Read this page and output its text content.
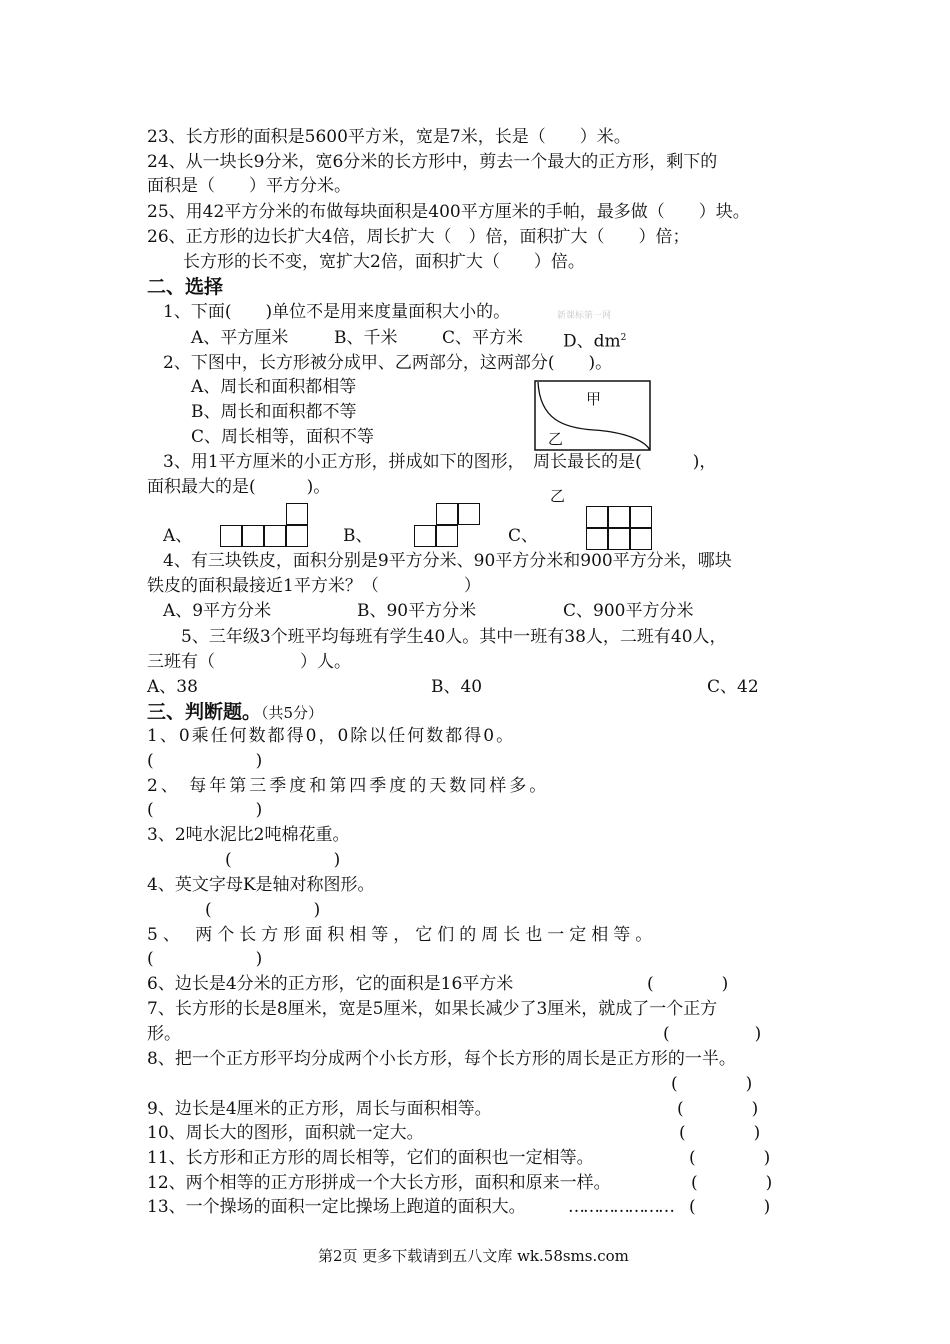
23、长方形的面积是5600平方米，宽是7米，长是（　　）米。
24、从一块长9分米，宽6分米的长方形中，剪去一个最大的正方形，剩下的
面积是（　　）平方分米。
25、用42平方分米的布做每块面积是400平方厘米的手帕，最多做（　　）块。
26、正方形的边长扩大4倍，周长扩大（　）倍，面积扩大（　　）倍；
长方形的长不变，宽扩大2倍，面积扩大（　　）倍。
二、选择
1、下面(　　)单位不是用来度量面积大小的。	新课标第一网
A、平方厘米	B、千米	C、平方米 D、$dm^2$
2、下图中，长方形被分成甲、乙两部分，这两部分(　　)。
A、周长和面积都相等
B、周长和面积都不等
C、周长相等，面积不等
甲
乙
3、用1平方厘米的小正方形，拼成如下的图形，　周长最长的是(　　　)，
面积最大的是(　　　)。	乙
A、	B、	C、
4、有三块铁皮，面积分别是9平方分米、90平方分米和900平方分米，哪块
铁皮的面积最接近1平方米？（　　　　　）
A、9平方分米	B、90平方分米	C、900平方分米
5、三年级3个班平均每班有学生40人。其中一班有38人，二班有40人，
三班有（　　　　　）人。
A、38	B、40	C、42
三、判断题。（共5分）
1、0乘任何数都得0，0除以任何数都得0。
(　　　　　　)
2、 每年第三季度和第四季度的天数同样多。
(　　　　　　)
3、2吨水泥比2吨棉花重。
(　　　　　　)
4、英文字母K是轴对称图形。
(　　　　　　)
5、 两个长方形面积相等，它们的周长也一定相等。
(　　　　　　)
6、边长是4分米的正方形，它的面积是16平方米	(　　　　)
7、长方形的长是8厘米，宽是5厘米，如果长减少了3厘米，就成了一个正方
形。	(　　　　　)
8、把一个正方形平均分成两个小长方形，每个长方形的周长是正方形的一半。
(　　　　)
9、边长是4厘米的正方形，周长与面积相等。	(　　　　)
10、周长大的图形，面积就一定大。	(　　　　)
11、长方形和正方形的周长相等，它们的面积也一定相等。	(　　　　)
12、两个相等的正方形拼成一个大长方形，面积和原来一样。	(　　　　)
13、一个操场的面积一定比操场上跑道的面积大。 ………………… (　　　　)
第2页 更多下载请到五八文库 wk.58sms.com
